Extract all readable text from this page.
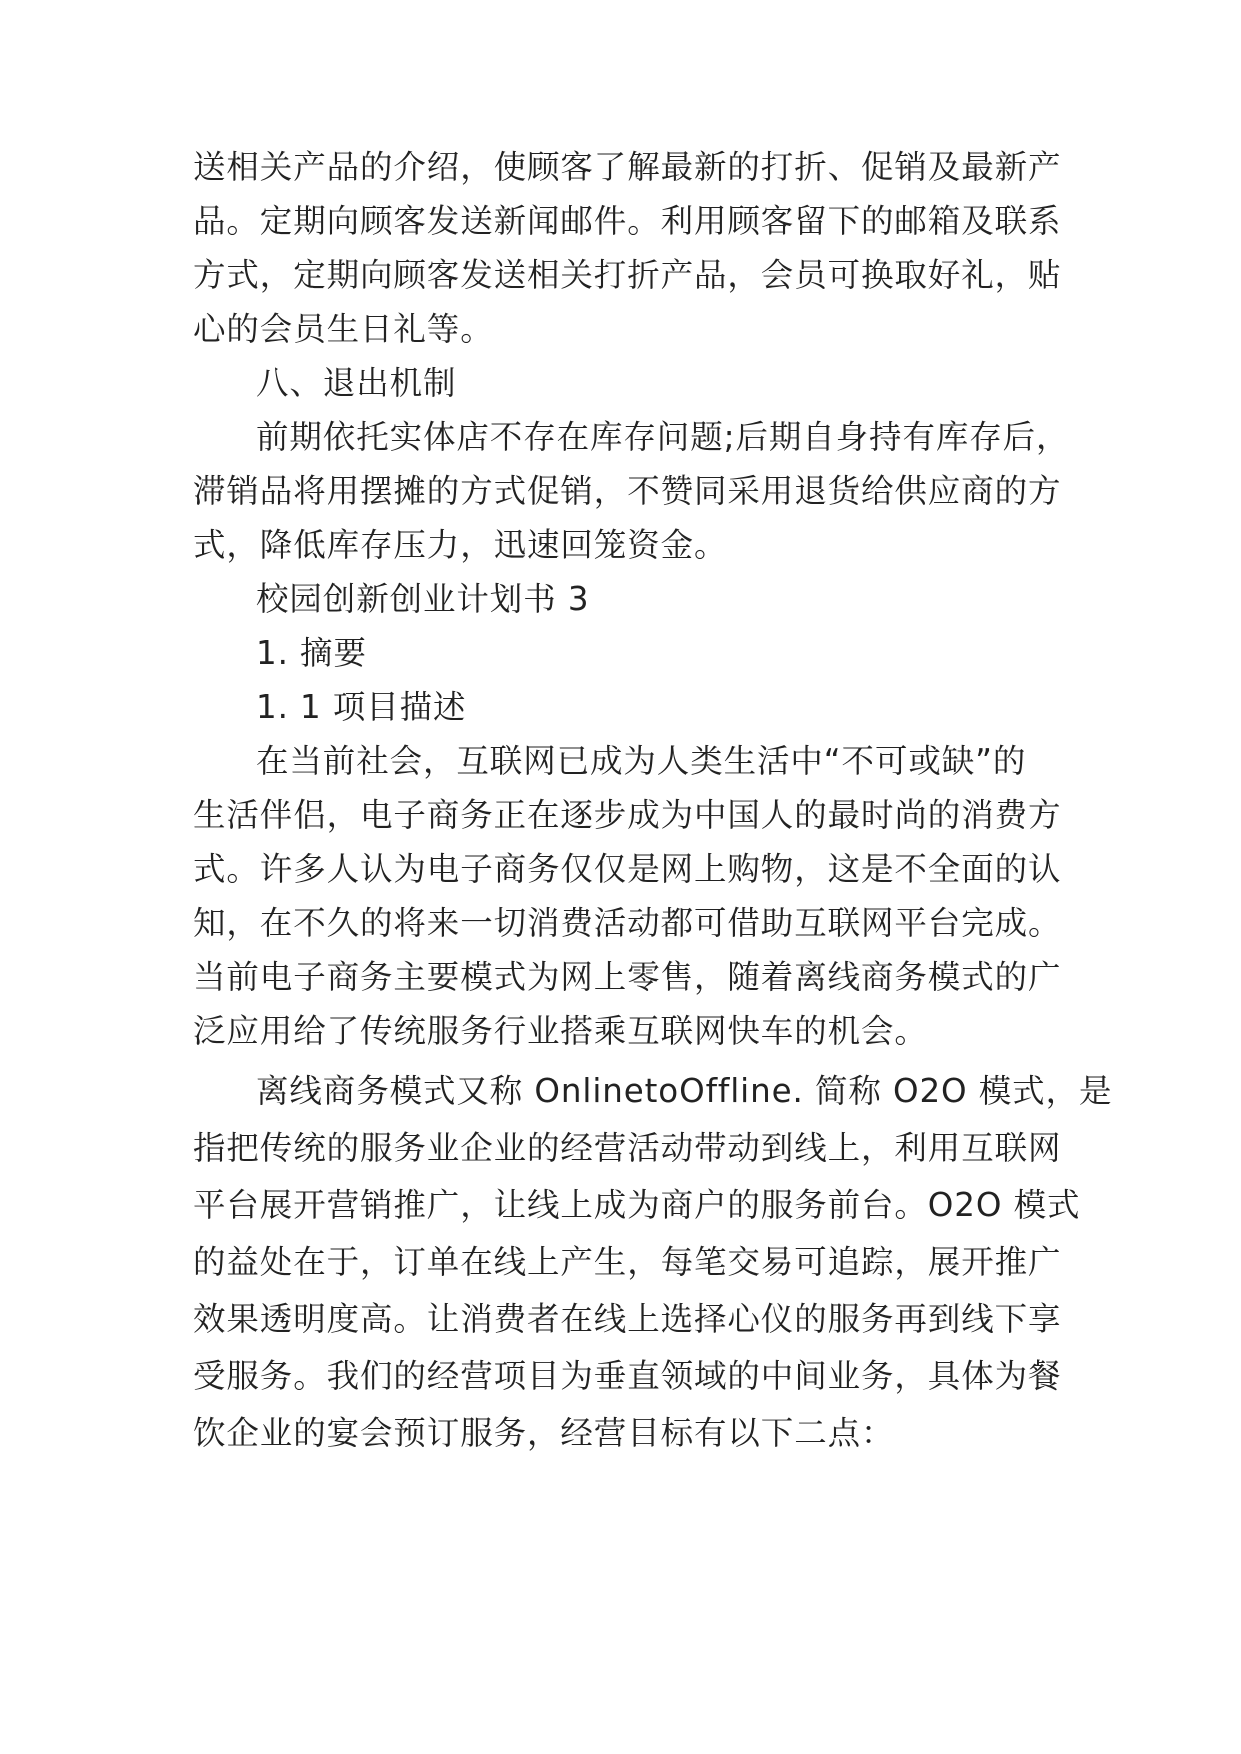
送相关产品的介绍，使顾客了解最新的打折、促销及最新产
品。定期向顾客发送新闻邮件。利用顾客留下的邮箱及联系
方式，定期向顾客发送相关打折产品，会员可换取好礼，贴
心的会员生日礼等。
八、退出机制
前期依托实体店不存在库存问题;后期自身持有库存后，
滞销品将用摆摊的方式促销，不赞同采用退货给供应商的方
式，降低库存压力，迅速回笼资金。
校园创新创业计划书 3
1. 摘要
1. 1 项目描述
在当前社会，互联网已成为人类生活中“不可或缺”的
生活伴侣，电子商务正在逐步成为中国人的最时尚的消费方
式。许多人认为电子商务仅仅是网上购物，这是不全面的认
知，在不久的将来一切消费活动都可借助互联网平台完成。
当前电子商务主要模式为网上零售，随着离线商务模式的广
泛应用给了传统服务行业搭乘互联网快车的机会。
离线商务模式又称 OnlinetoOffline. 简称 O2O 模式，是
指把传统的服务业企业的经营活动带动到线上，利用互联网
平台展开营销推广，让线上成为商户的服务前台。O2O 模式
的益处在于，订单在线上产生，每笔交易可追踪，展开推广
效果透明度高。让消费者在线上选择心仪的服务再到线下享
受服务。我们的经营项目为垂直领域的中间业务，具体为餐
饮企业的宴会预订服务，经营目标有以下二点：
